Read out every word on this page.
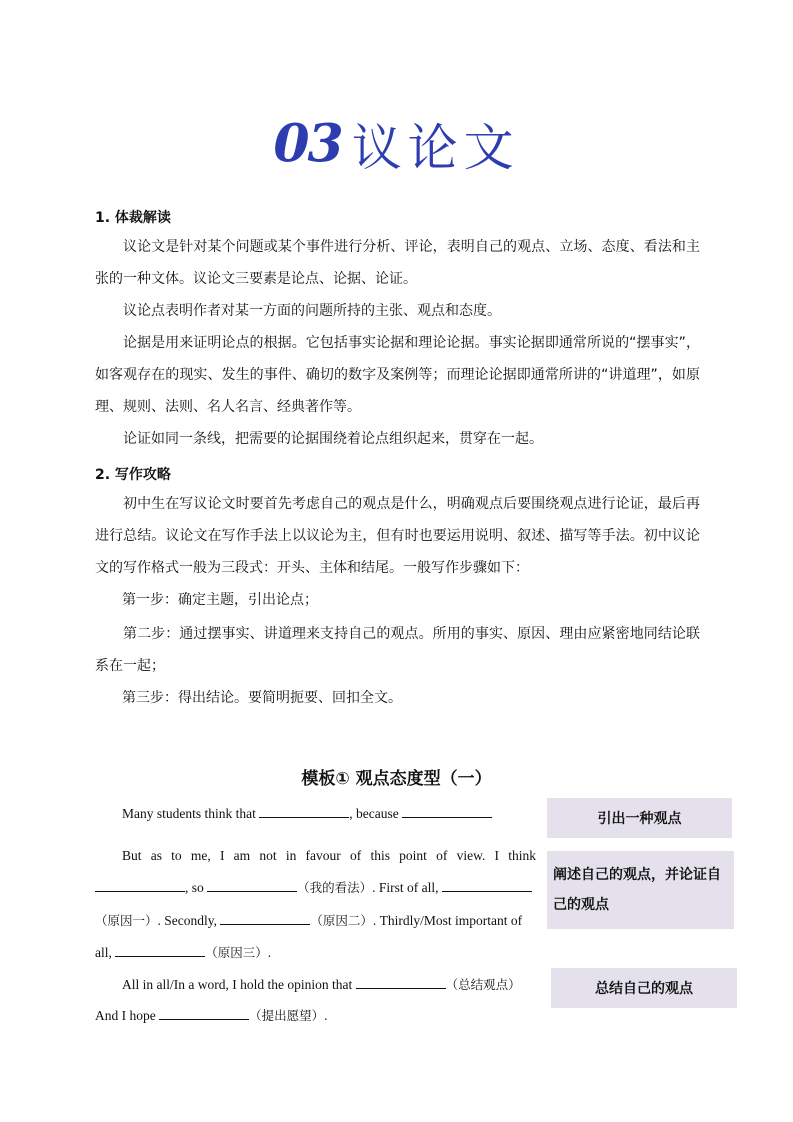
03 议论文
1. 体裁解读
议论文是针对某个问题或某个事件进行分析、评论，表明自己的观点、立场、态度、看法和主张的一种文体。议论文三要素是论点、论据、论证。
议论点表明作者对某一方面的问题所持的主张、观点和态度。
论据是用来证明论点的根据。它包括事实论据和理论论据。事实论据即通常所说的“摆事实”，如客观存在的现实、发生的事件、确切的数字及案例等；而理论论据即通常所讲的“讲道理”，如原理、规则、法则、名人名言、经典著作等。
论证如同一条线，把需要的论据围绕着论点组织起来，贯穿在一起。
2. 写作攻略
初中生在写议论文时要首先考虑自己的观点是什么，明确观点后要围绕观点进行论证，最后再进行总结。议论文在写作手法上以议论为主，但有时也要运用说明、叙述、描写等手法。初中议论文的写作格式一般为三段式：开头、主体和结尾。一般写作步骤如下：
第一步：确定主题，引出论点；
第二步：通过摆事实、讲道理来支持自己的观点。所用的事实、原因、理由应紧密地同结论联系在一起；
第三步：得出结论。要简明扼要、回扣全文。
模板① 观点态度型（一）
Many students think that	, because
But as to me, I am not in favour of this point of view. I think
, so	（我的看法）. First of all,
（原因一）. Secondly,	（原因二）. Thirdly/Most important of
all,	（原因三）.
All in all/In a word, I hold the opinion that	（总结观点）
And I hope	（提出愿望）.
引出一种观点
阐述自己的观点，并论证自己的观点
总结自己的观点
